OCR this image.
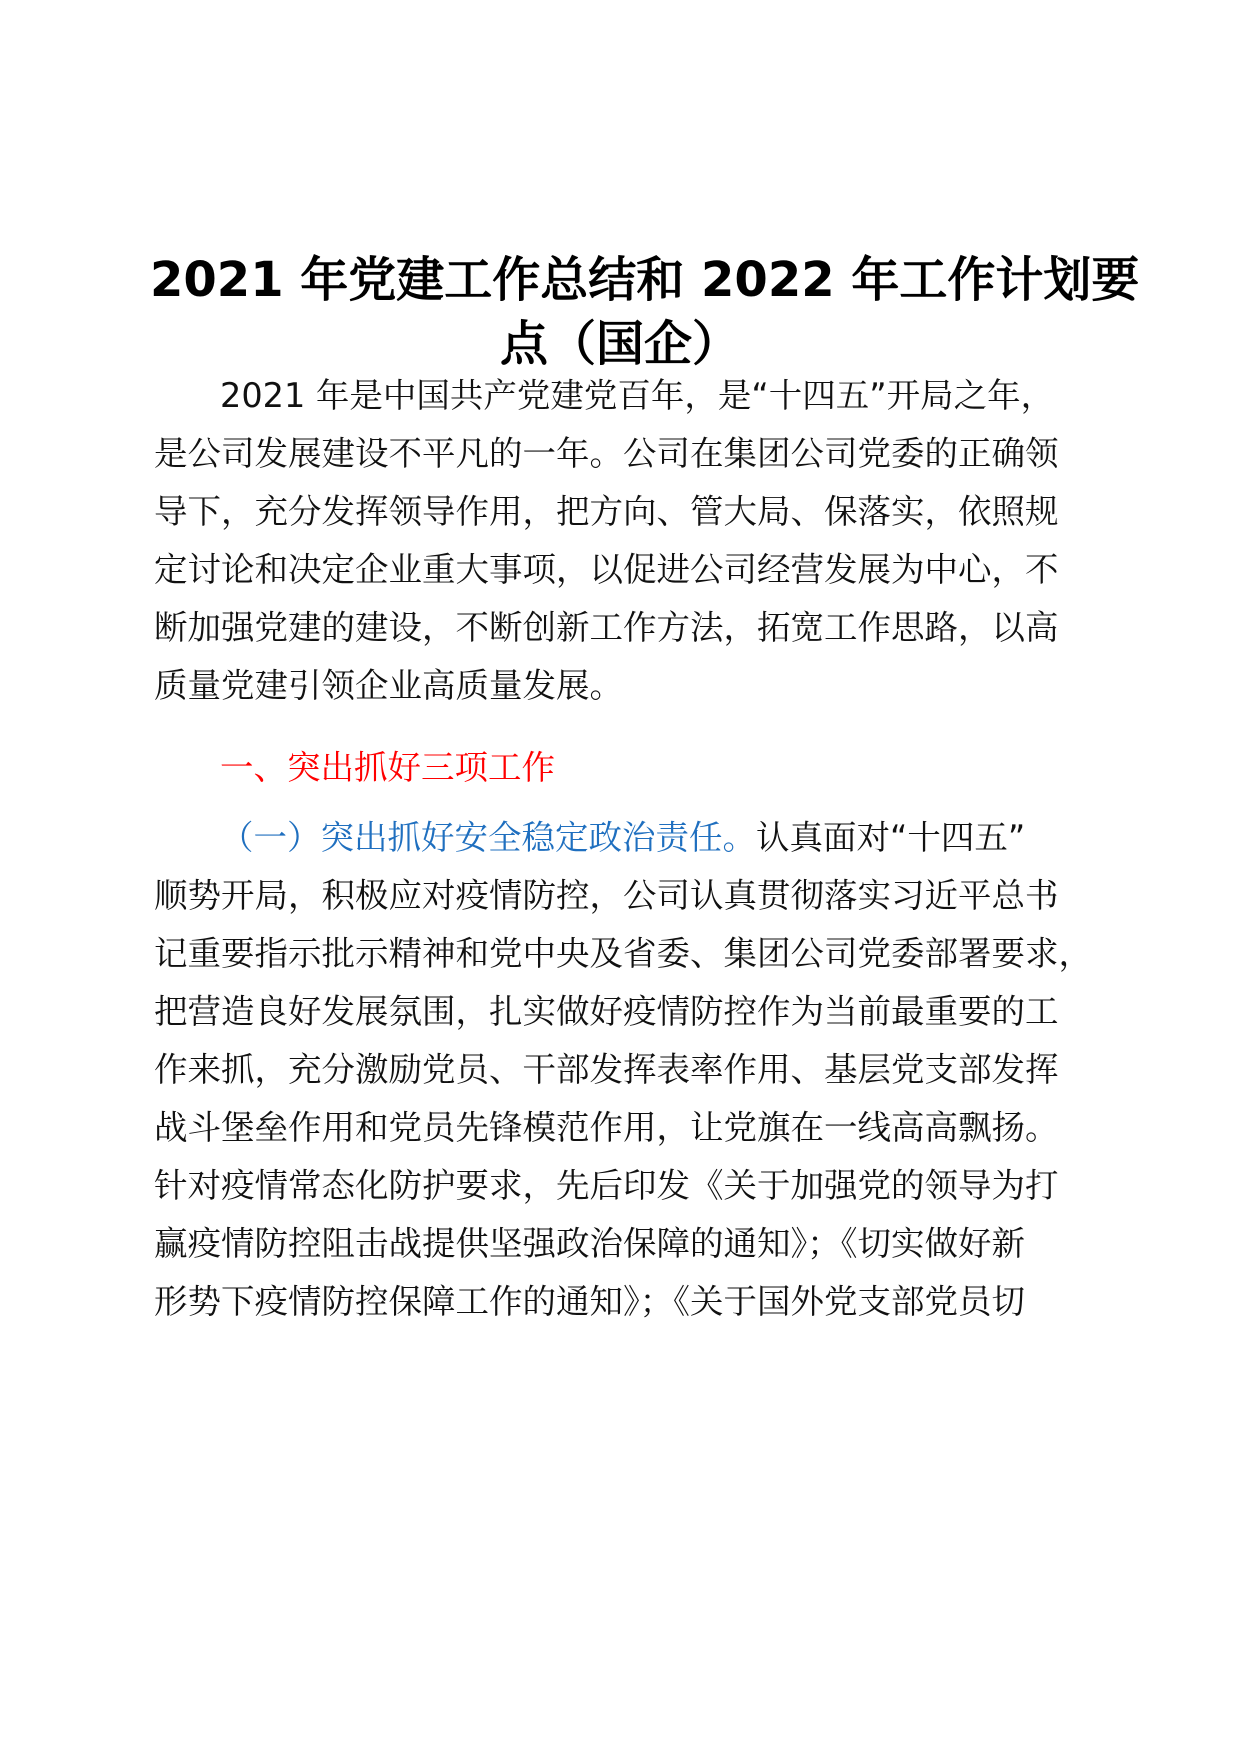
2021 年党建工作总结和 2022 年工作计划要
点（国企）
2021 年是中国共产党建党百年，是“十四五”开局之年，
是公司发展建设不平凡的一年。公司在集团公司党委的正确领
导下，充分发挥领导作用，把方向、管大局、保落实，依照规
定讨论和决定企业重大事项，以促进公司经营发展为中心，不
断加强党建的建设，不断创新工作方法，拓宽工作思路，以高
质量党建引领企业高质量发展。
一、突出抓好三项工作
（一）突出抓好安全稳定政治责任。认真面对“十四五”
顺势开局，积极应对疫情防控，公司认真贯彻落实习近平总书
记重要指示批示精神和党中央及省委、集团公司党委部署要求，
把营造良好发展氛围，扎实做好疫情防控作为当前最重要的工
作来抓，充分激励党员、干部发挥表率作用、基层党支部发挥
战斗堡垒作用和党员先锋模范作用，让党旗在一线高高飘扬。
针对疫情常态化防护要求，先后印发《关于加强党的领导为打
赢疫情防控阻击战提供坚强政治保障的通知》；《切实做好新
形势下疫情防控保障工作的通知》；《关于国外党支部党员切
